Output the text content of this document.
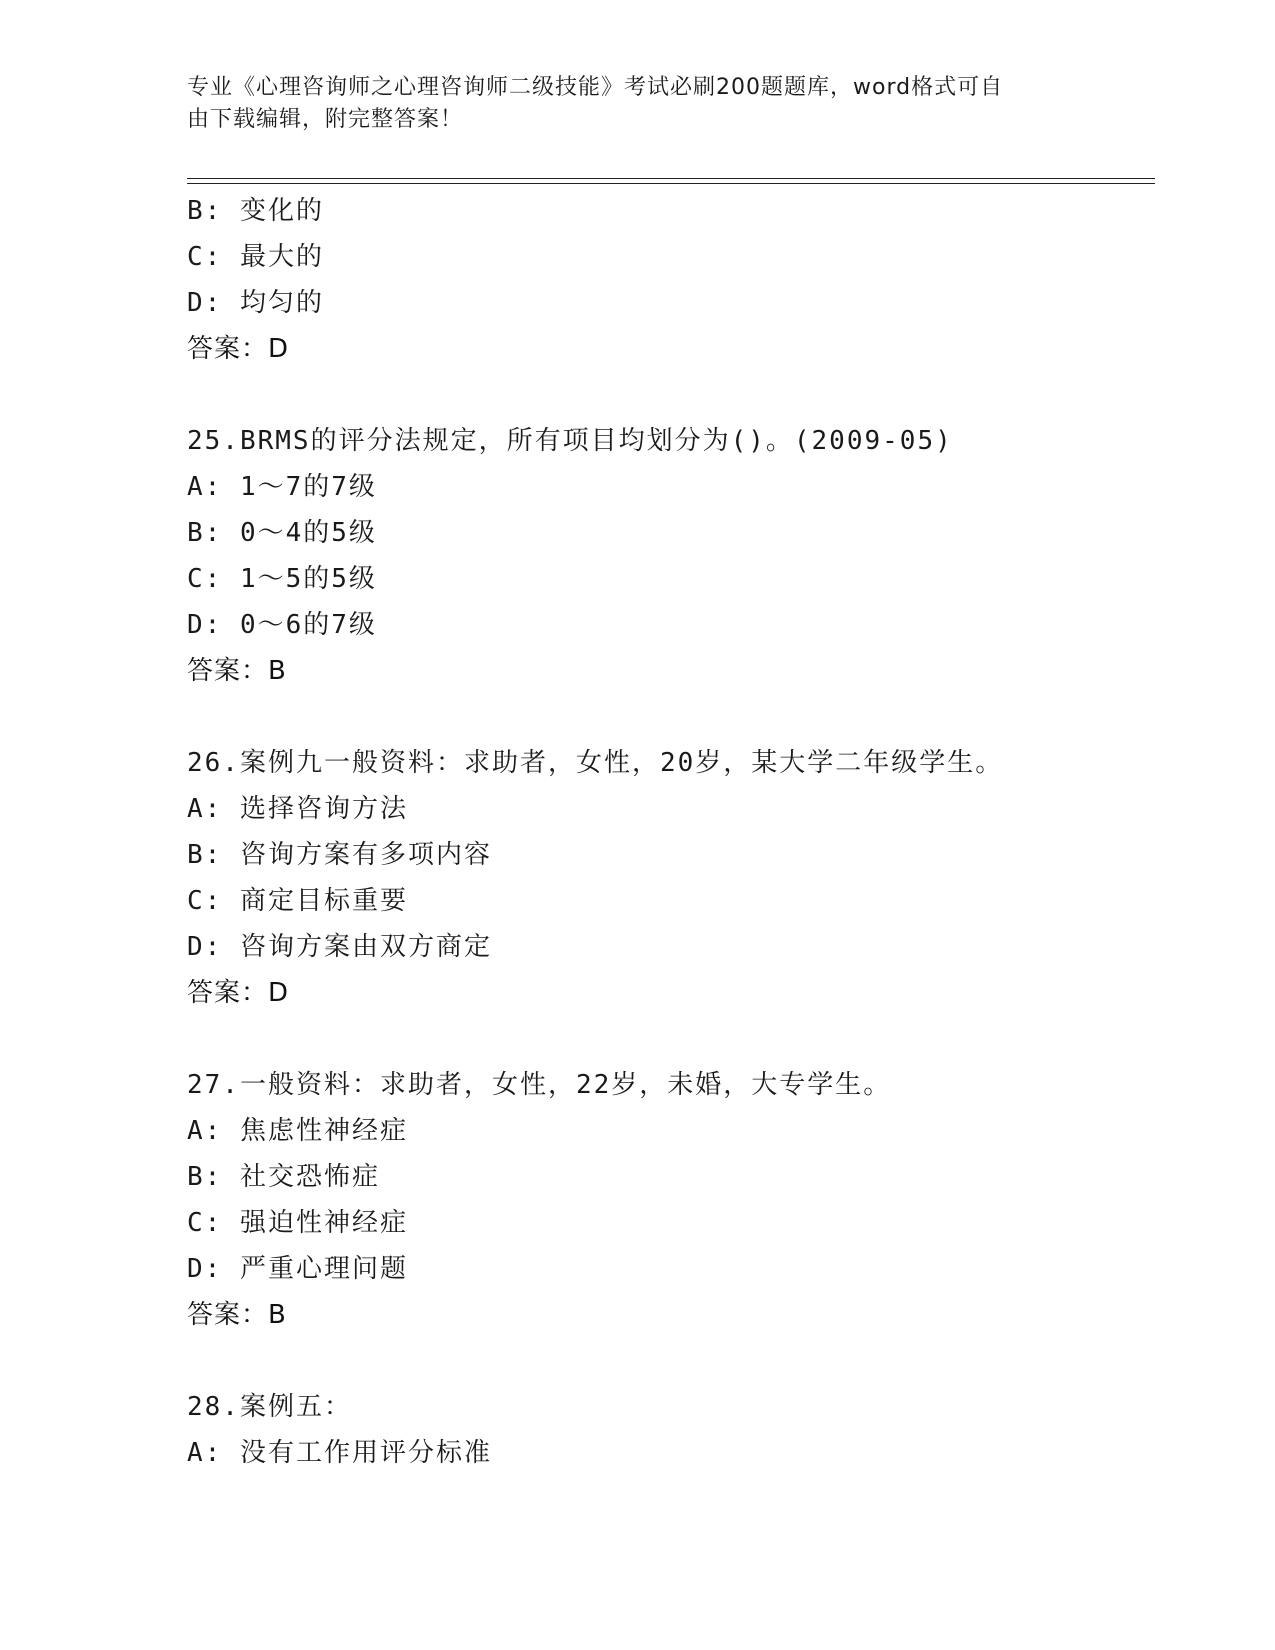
专业《心理咨询师之心理咨询师二级技能》考试必刷200题题库，word格式可自
由下载编辑，附完整答案！
B: 变化的
C: 最大的
D: 均匀的
答案：D
25.BRMS的评分法规定，所有项目均划分为()。(2009-05)
A: 1～7的7级
B: 0～4的5级
C: 1～5的5级
D: 0～6的7级
答案：B
26.案例九一般资料：求助者，女性，20岁，某大学二年级学生。
A: 选择咨询方法
B: 咨询方案有多项内容
C: 商定目标重要
D: 咨询方案由双方商定
答案：D
27.一般资料：求助者，女性，22岁，未婚，大专学生。
A: 焦虑性神经症
B: 社交恐怖症
C: 强迫性神经症
D: 严重心理问题
答案：B
28.案例五：
A: 没有工作用评分标准
